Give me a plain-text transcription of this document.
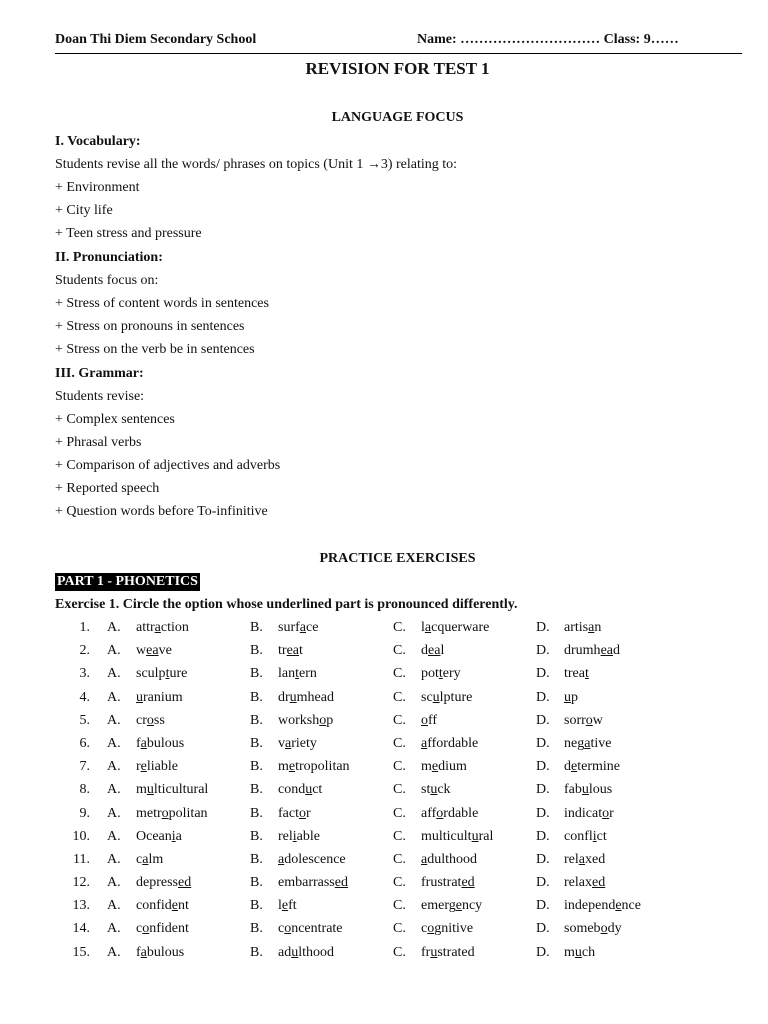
Doan Thi Diem Secondary School	Name: ………………………… Class: 9……
REVISION FOR TEST 1
LANGUAGE FOCUS
I. Vocabulary:
Students revise all the words/ phrases on topics (Unit 1 →3) relating to:
+ Environment
+ City life
+ Teen stress and pressure
II. Pronunciation:
Students focus on:
+ Stress of content words in sentences
+ Stress on pronouns in sentences
+ Stress on the verb be in sentences
III. Grammar:
Students revise:
+ Complex sentences
+ Phrasal verbs
+ Comparison of adjectives and adverbs
+ Reported speech
+ Question words before To-infinitive
PRACTICE EXERCISES
PART 1 - PHONETICS
Exercise 1. Circle the option whose underlined part is pronounced differently.
1. A. attraction	B. surface	C. lacquerware	D. artisan
2. A. weave	B. treat	C. deal	D. drumhead
3. A. sculpture	B. lantern	C. pottery	D. treat
4. A. uranium	B. drumhead	C. sculpture	D. up
5. A. cross	B. workshop	C. off	D. sorrow
6. A. fabulous	B. variety	C. affordable	D. negative
7. A. reliable	B. metropolitan	C. medium	D. determine
8. A. multicultural	B. conduct	C. stuck	D. fabulous
9. A. metropolitan	B. factor	C. affordable	D. indicator
10. A. Oceania	B. reliable	C. multicultural	D. conflict
11. A. calm	B. adolescence	C. adulthood	D. relaxed
12. A. depressed	B. embarrassed	C. frustrated	D. relaxed
13. A. confident	B. left	C. emergency	D. independence
14. A. confident	B. concentrate	C. cognitive	D. somebody
15. A. fabulous	B. adulthood	C. frustrated	D. much
